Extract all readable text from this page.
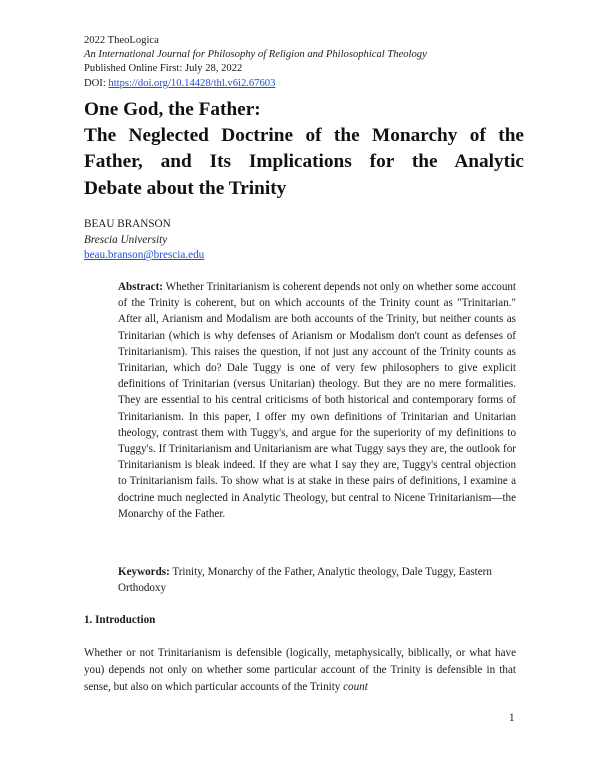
2022 TheoLogica
An International Journal for Philosophy of Religion and Philosophical Theology
Published Online First: July 28, 2022
DOI: https://doi.org/10.14428/thl.v6i2.67603
One God, the Father:
The Neglected Doctrine of the Monarchy of the
Father, and Its Implications for the Analytic
Debate about the Trinity
BEAU BRANSON
Brescia University
beau.branson@brescia.edu
Abstract: Whether Trinitarianism is coherent depends not only on whether some account of the Trinity is coherent, but on which accounts of the Trinity count as "Trinitarian." After all, Arianism and Modalism are both accounts of the Trinity, but neither counts as Trinitarian (which is why defenses of Arianism or Modalism don't count as defenses of Trinitarianism). This raises the question, if not just any account of the Trinity counts as Trinitarian, which do? Dale Tuggy is one of very few philosophers to give explicit definitions of Trinitarian (versus Unitarian) theology. But they are no mere formalities. They are essential to his central criticisms of both historical and contemporary forms of Trinitarianism. In this paper, I offer my own definitions of Trinitarian and Unitarian theology, contrast them with Tuggy's, and argue for the superiority of my definitions to Tuggy's. If Trinitarianism and Unitarianism are what Tuggy says they are, the outlook for Trinitarianism is bleak indeed. If they are what I say they are, Tuggy's central objection to Trinitarianism fails. To show what is at stake in these pairs of definitions, I examine a doctrine much neglected in Analytic Theology, but central to Nicene Trinitarianism—the Monarchy of the Father.
Keywords: Trinity, Monarchy of the Father, Analytic theology, Dale Tuggy, Eastern Orthodoxy
1. Introduction
Whether or not Trinitarianism is defensible (logically, metaphysically, biblically, or what have you) depends not only on whether some particular account of the Trinity is defensible in that sense, but also on which particular accounts of the Trinity count
1
